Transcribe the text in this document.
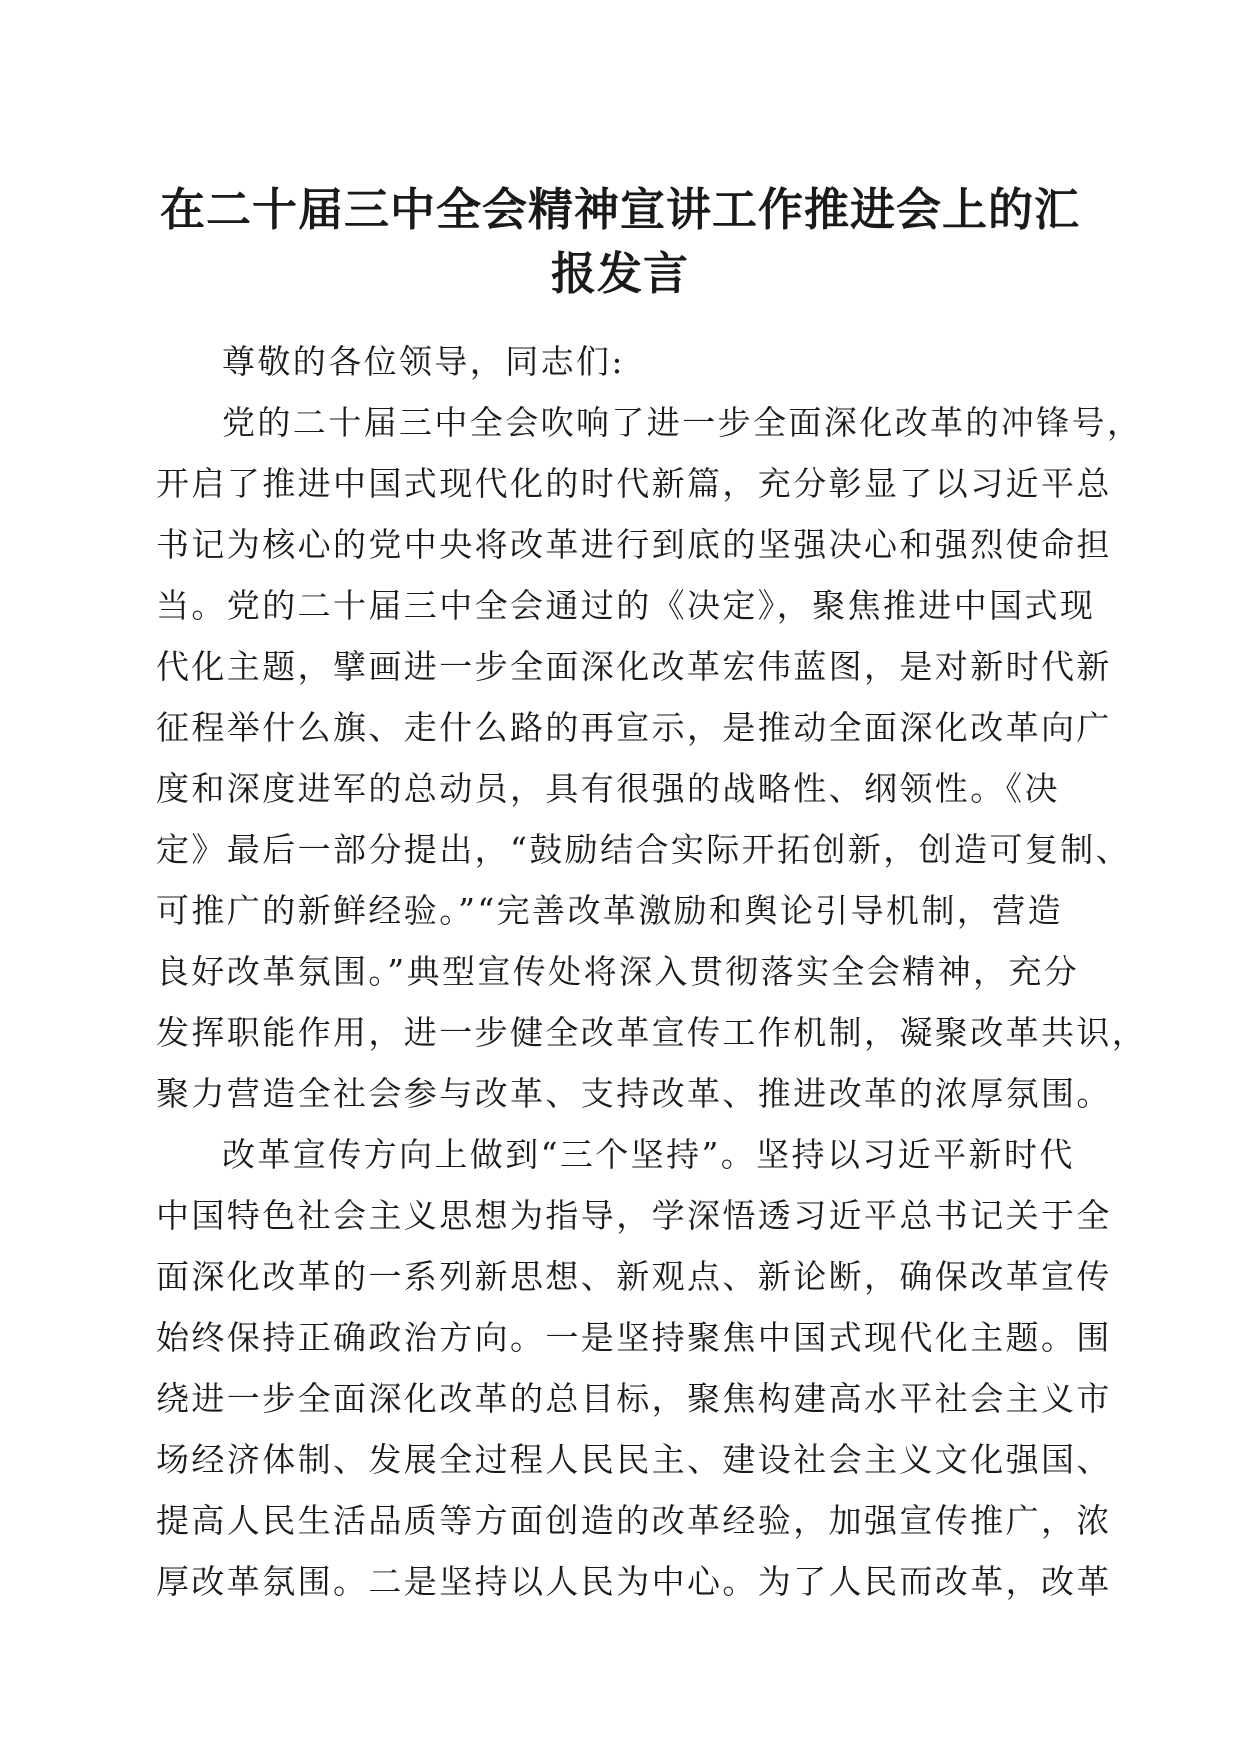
在二十届三中全会精神宣讲工作推进会上的汇
报发言
尊敬的各位领导，同志们:
党的二十届三中全会吹响了进一步全面深化改革的冲锋号，
开启了推进中国式现代化的时代新篇，充分彰显了以习近平总
书记为核心的党中央将改革进行到底的坚强决心和强烈使命担
当。党的二十届三中全会通过的《决定》，聚焦推进中国式现
代化主题，擘画进一步全面深化改革宏伟蓝图，是对新时代新
征程举什么旗、走什么路的再宣示，是推动全面深化改革向广
度和深度进军的总动员，具有很强的战略性、纲领性。《决
定》最后一部分提出，“鼓励结合实际开拓创新，创造可复制、
可推广的新鲜经验。”“完善改革激励和舆论引导机制，营造
良好改革氛围。”典型宣传处将深入贯彻落实全会精神，充分
发挥职能作用，进一步健全改革宣传工作机制，凝聚改革共识，
聚力营造全社会参与改革、支持改革、推进改革的浓厚氛围。
改革宣传方向上做到“三个坚持”。坚持以习近平新时代
中国特色社会主义思想为指导，学深悟透习近平总书记关于全
面深化改革的一系列新思想、新观点、新论断，确保改革宣传
始终保持正确政治方向。一是坚持聚焦中国式现代化主题。围
绕进一步全面深化改革的总目标，聚焦构建高水平社会主义市
场经济体制、发展全过程人民民主、建设社会主义文化强国、
提高人民生活品质等方面创造的改革经验，加强宣传推广，浓
厚改革氛围。二是坚持以人民为中心。为了人民而改革，改革
